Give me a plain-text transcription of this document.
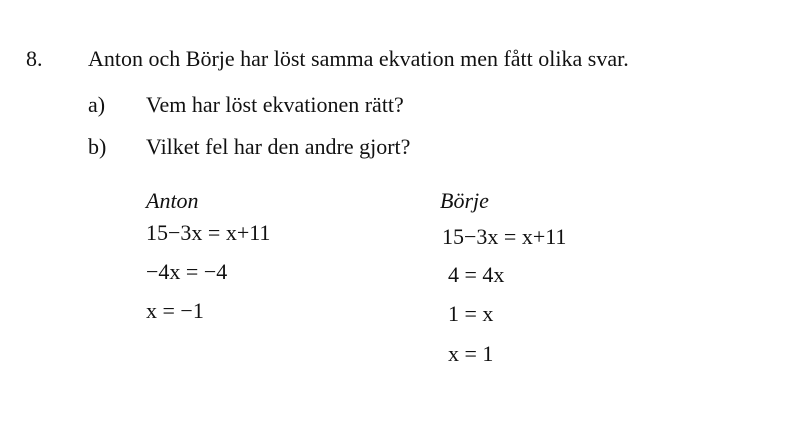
8. Anton och Börje har löst samma ekvation men fått olika svar.
a) Vem har löst ekvationen rätt?
b) Vilket fel har den andre gjort?
Anton
15−3x = x+11
−4x = −4
x = −1
Börje
15−3x = x+11
4 = 4x
1 = x
x = 1
